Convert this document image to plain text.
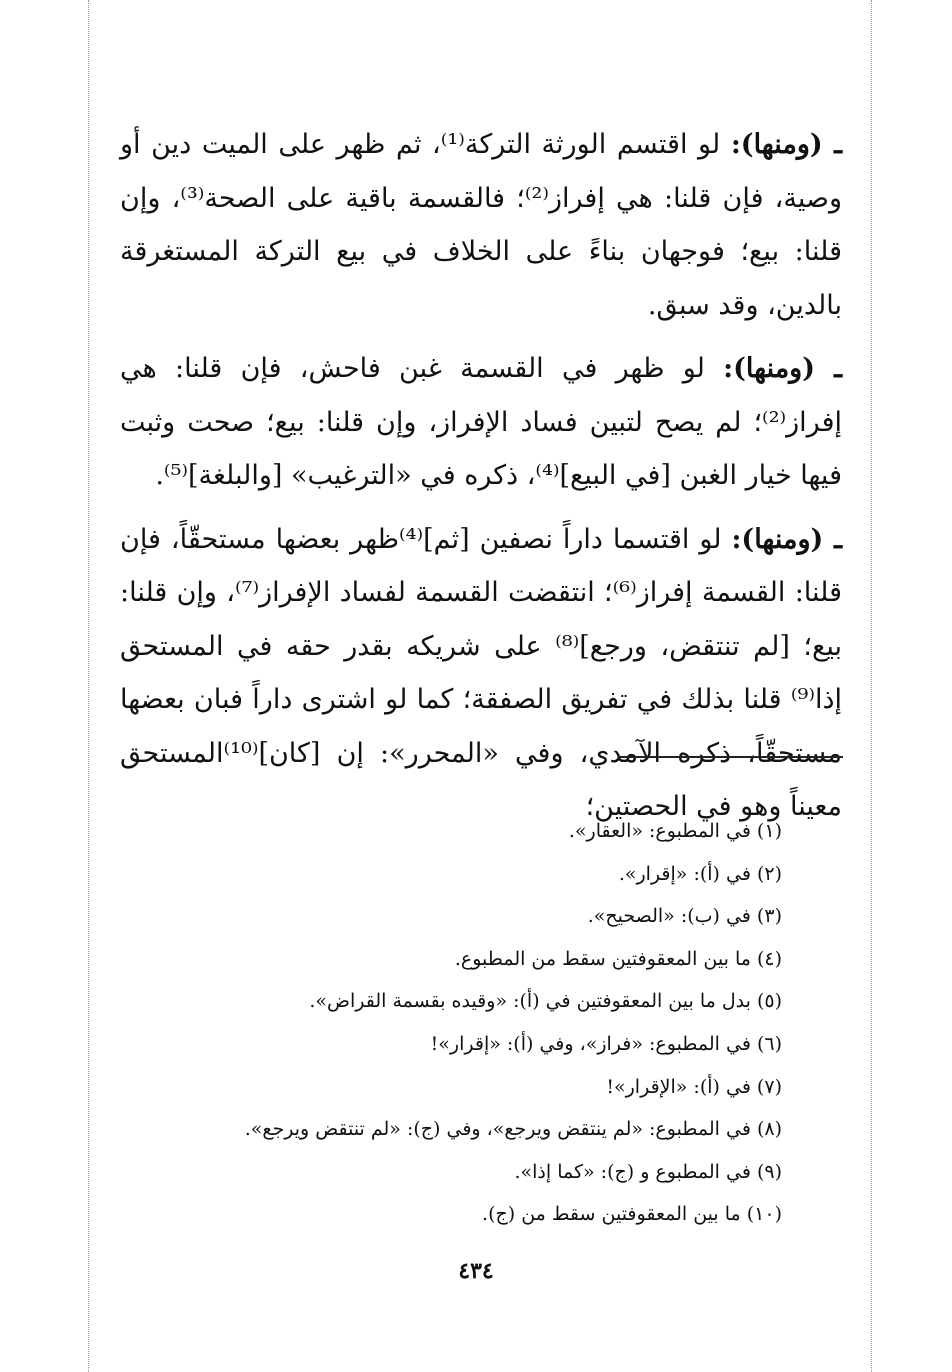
ـ (ومنها): لو اقتسم الورثة التركة⁽¹⁾، ثم ظهر على الميت دين أو وصية، فإن قلنا: هي إفراز⁽²⁾؛ فالقسمة باقية على الصحة⁽³⁾، وإن قلنا: بيع؛ فوجهان بناءً على الخلاف في بيع التركة المستغرقة بالدين، وقد سبق.

ـ (ومنها): لو ظهر في القسمة غبن فاحش، فإن قلنا: هي إفراز⁽²⁾؛ لم يصح لتبين فساد الإفراز، وإن قلنا: بيع؛ صحت وثبت فيها خيار الغبن [في البيع]⁽⁴⁾، ذكره في «الترغيب» [والبلغة]⁽⁵⁾.

ـ (ومنها): لو اقتسما داراً نصفين [ثم]⁽⁴⁾ظهر بعضها مستحقّاً، فإن قلنا: القسمة إفراز⁽⁶⁾؛ انتقضت القسمة لفساد الإفراز⁽⁷⁾، وإن قلنا: بيع؛ [لم تنتقض، ورجع]⁽⁸⁾ على شريكه بقدر حقه في المستحق إذا⁽⁹⁾ قلنا بذلك في تفريق الصفقة؛ كما لو اشترى داراً فبان بعضها مستحقّاً، ذكره الآمدي، وفي «المحرر»: إن [كان]⁽¹⁰⁾المستحق معيناً وهو في الحصتين؛

(١) في المطبوع: «العقار».

(٢) في (أ): «إقرار».

(٣) في (ب): «الصحيح».

(٤) ما بين المعقوفتين سقط من المطبوع.

(٥) بدل ما بين المعقوفتين في (أ): «وقيده بقسمة القراض».

(٦) في المطبوع: «فراز»، وفي (أ): «إقرار»!

(٧) في (أ): «الإقرار»!

(٨) في المطبوع: «لم ينتقض ويرجع»، وفي (ج): «لم تنتقض ويرجع».

(٩) في المطبوع و (ج): «كما إذا».

(١٠) ما بين المعقوفتين سقط من (ج).

٤٣٤
